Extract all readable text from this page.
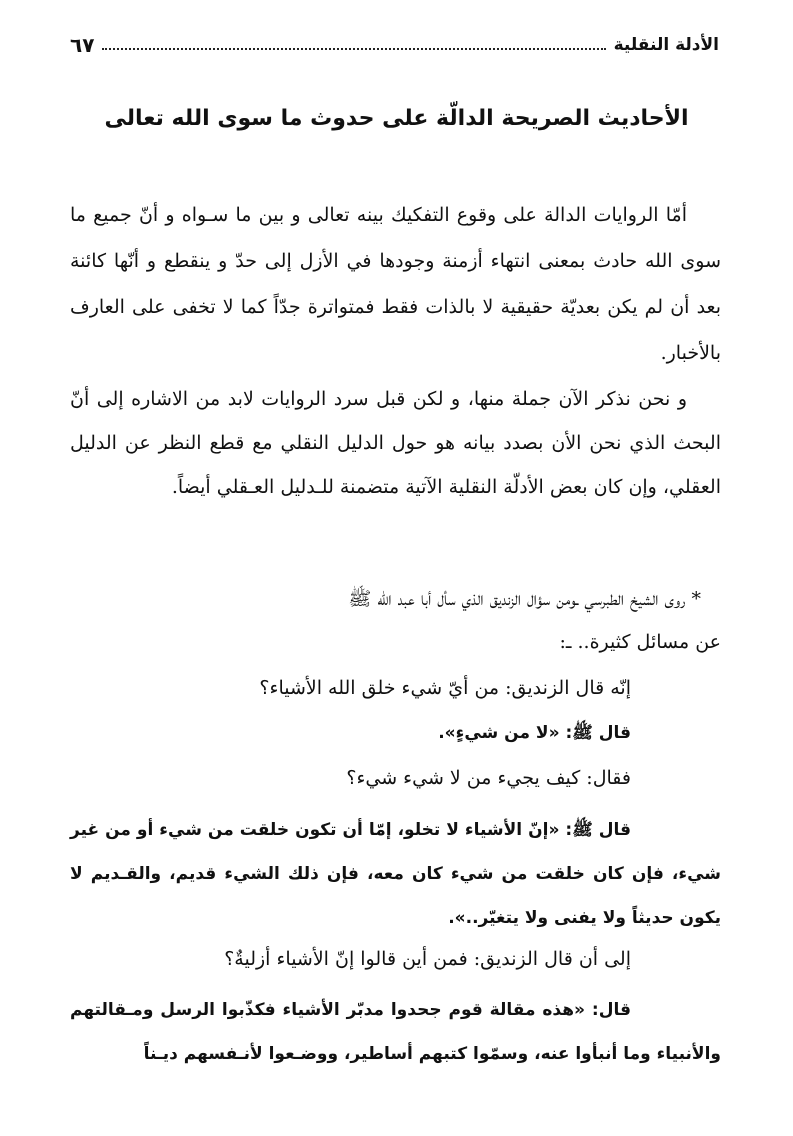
الأدلة النقلية
٦٧
الأحاديث الصريحة الدالّة على حدوث ما سوى الله تعالى

أمّا الروايات الدالة على وقوع التفكيك بينه تعالى و بين ما سـواه و أنّ جميع ما سوى الله حادث بمعنى انتهاء أزمنة وجودها في الأزل إلى حدّ و ينقطع و أنّها كائنة بعد أن لم يكن بعديّة حقيقية لا بالذات فقط فمتواترة جدّاً كما لا تخفى على العارف بالأخبار.

و نحن نذكر الآن جملة منها، و لكن قبل سرد الروايات لابد من الاشاره إلى أنّ البحث الذي نحن الأن بصدد بيانه هو حول الدليل النقلي مع قطع النظر عن الدليل العقلي، وإن كان بعض الأدلّة النقلية الآتية متضمنة للـدليل العـقلي أيضاً.

* روى الشيخ الطبرسي ـومن سؤال الزنديق الذي سأل أبا عبد الله ﷺ
عن مسائل كثيرة.. ـ:
إنّه قال الزنديق: من أيّ شيء خلق الله الأشياء؟
قال ﷺ: «لا من شيءٍ».
فقال: كيف يجيء من لا شيء شيء؟

قال ﷺ: «إنّ الأشياء لا تخلو، إمّا أن تكون خلقت من شيء أو من غير شيء، فإن كان خلقت من شيء كان معه، فإن ذلك الشيء قديم، والقـديم لا يكون حديثاً ولا يفنى ولا يتغيّر..».

إلى أن قال الزنديق: فمن أين قالوا إنّ الأشياء أزليةٌ؟

قال: «هذه مقالة قوم جحدوا مدبّر الأشياء فكذّبوا الرسل ومـقالتهم والأنبياء وما أنبأوا عنه، وسمّوا كتبهم أساطير، ووضـعوا لأنـفسهم ديـناً
